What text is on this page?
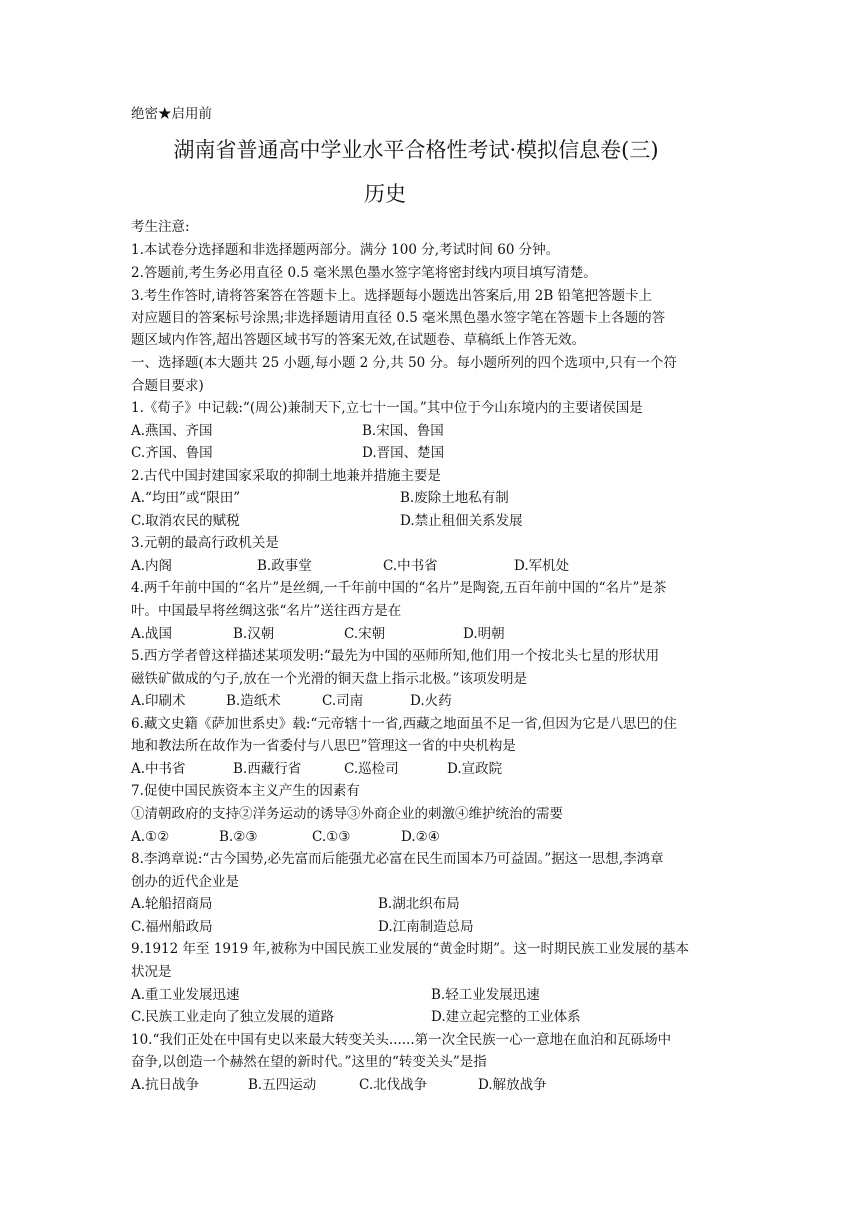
绝密★启用前
湖南省普通高中学业水平合格性考试·模拟信息卷(三)
历史
考生注意:
1.本试卷分选择题和非选择题两部分。满分 100 分,考试时间 60 分钟。
2.答题前,考生务必用直径 0.5 毫米黑色墨水签字笔将密封线内项目填写清楚。
3.考生作答时,请将答案答在答题卡上。选择题每小题选出答案后,用 2B 铅笔把答题卡上
对应题目的答案标号涂黑;非选择题请用直径 0.5 毫米黑色墨水签字笔在答题卡上各题的答
题区域内作答,超出答题区域书写的答案无效,在试题卷、草稿纸上作答无效。
一、选择题(本大题共 25 小题,每小题 2 分,共 50 分。每小题所列的四个选项中,只有一个符
合题目要求)
1.《荀子》中记载:“(周公)兼制天下,立七十一国。”其中位于今山东境内的主要诸侯国是
A.燕国、齐国	B.宋国、鲁国
C.齐国、鲁国	D.晋国、楚国
2.古代中国封建国家采取的抑制土地兼并措施主要是
A.“均田”或“限田”	B.废除土地私有制
C.取消农民的赋税	D.禁止租佃关系发展
3.元朝的最高行政机关是
A.内阁	B.政事堂	C.中书省	D.军机处
4.两千年前中国的“名片”是丝绸,一千年前中国的“名片”是陶瓷,五百年前中国的“名片”是茶
叶。中国最早将丝绸这张“名片”送往西方是在
A.战国	B.汉朝	C.宋朝	D.明朝
5.西方学者曾这样描述某项发明:“最先为中国的巫师所知,他们用一个按北头七星的形状用
磁铁矿做成的勺子,放在一个光滑的铜天盘上指示北极。”该项发明是
A.印刷术	B.造纸术	C.司南	D.火药
6.藏文史籍《萨加世系史》载:“元帝辖十一省,西藏之地面虽不足一省,但因为它是八思巴的住
地和教法所在故作为一省委付与八思巴”管理这一省的中央机构是
A.中书省	B.西藏行省	C.巡检司	D.宣政院
7.促使中国民族资本主义产生的因素有
①清朝政府的支持②洋务运动的诱导③外商企业的刺激④维护统治的需要
A.①②	B.②③	C.①③	D.②④
8.李鸿章说:“古今国势,必先富而后能强尤必富在民生而国本乃可益固。”据这一思想,李鸿章
创办的近代企业是
A.轮船招商局	B.湖北织布局
C.福州船政局	D.江南制造总局
9.1912 年至 1919 年,被称为中国民族工业发展的“黄金时期”。这一时期民族工业发展的基本
状况是
A.重工业发展迅速	B.轻工业发展迅速
C.民族工业走向了独立发展的道路	D.建立起完整的工业体系
10.“我们正处在中国有史以来最大转变关头......第一次全民族一心一意地在血泊和瓦砾场中
奋争,以创造一个赫然在望的新时代。”这里的“转变关头”是指
A.抗日战争	B.五四运动	C.北伐战争	D.解放战争
